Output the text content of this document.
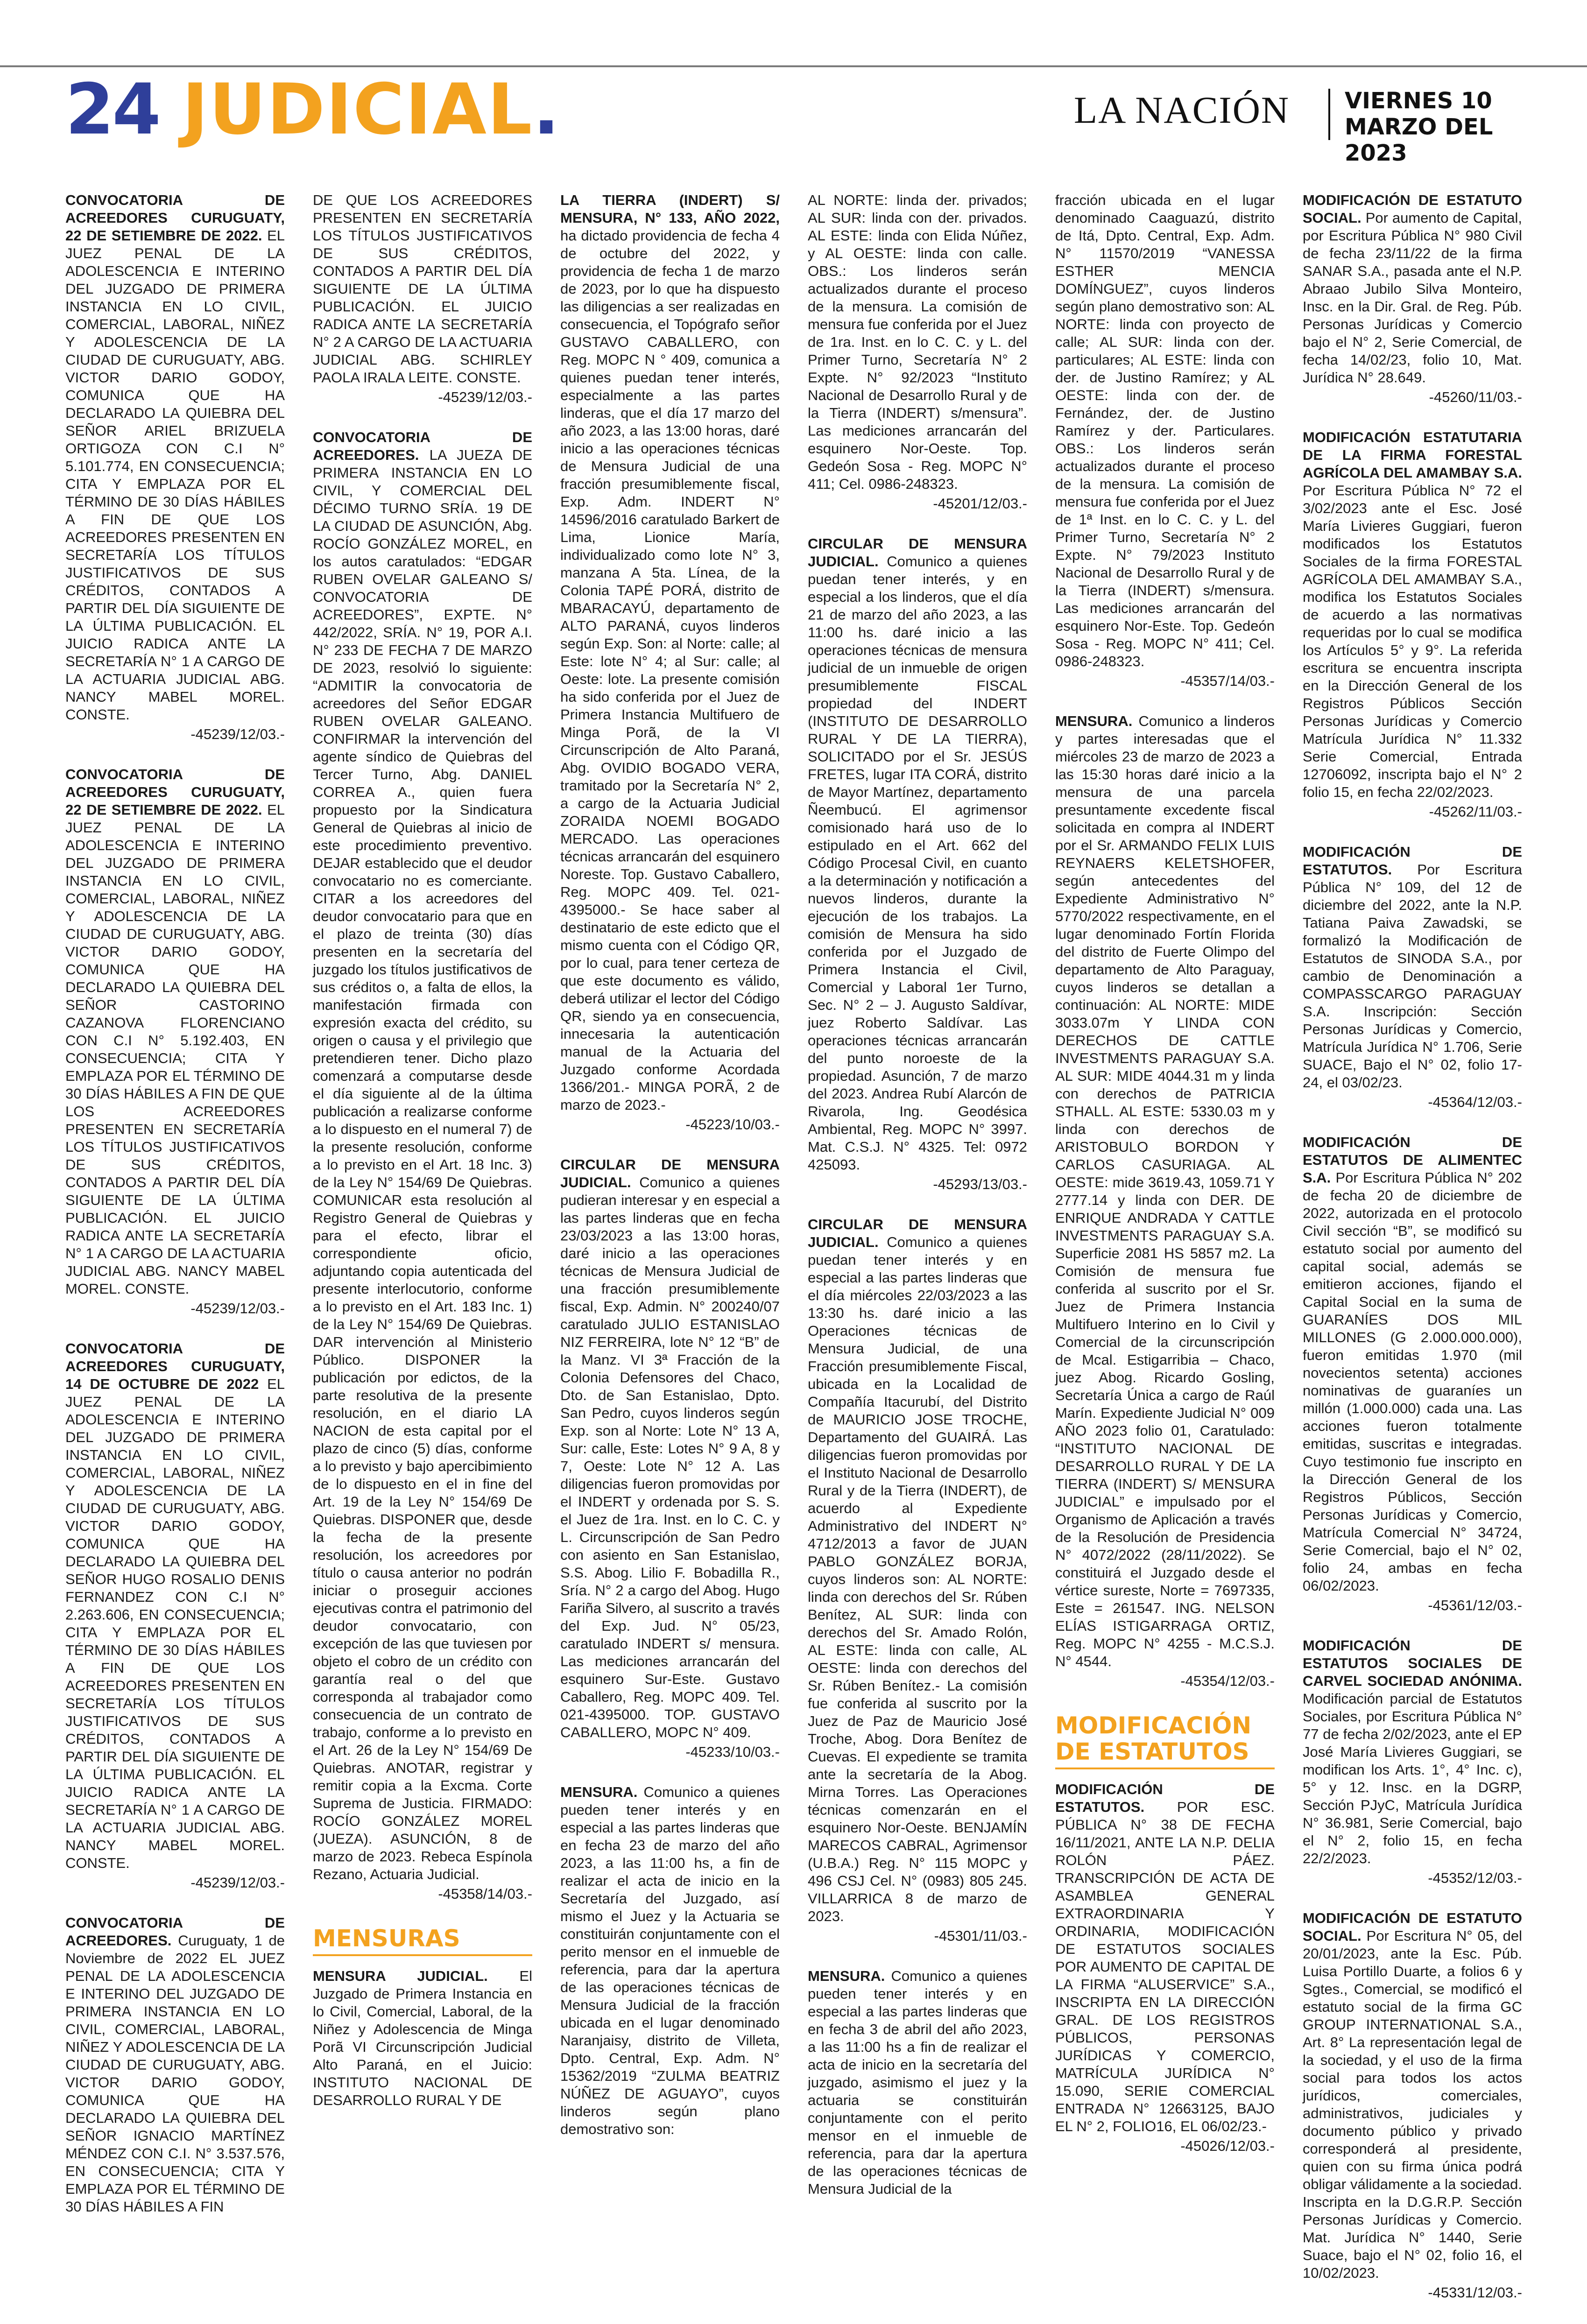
24 JUDICIAL.	LA NACIÓN VIERNES 10
MARZO DEL 2023

CONVOCATORIA DE ACREEDORES CURUGUATY, 22 DE SETIEMBRE DE 2022. EL JUEZ PENAL DE LA ADOLESCENCIA E INTERINO DEL JUZGADO DE PRIMERA INSTANCIA EN LO CIVIL, COMERCIAL, LABORAL, NIÑEZ Y ADOLESCENCIA DE LA CIUDAD DE CURUGUATY, ABG. VICTOR DARIO GODOY, COMUNICA QUE HA DECLARADO LA QUIEBRA DEL SEÑOR ARIEL BRIZUELA ORTIGOZA CON C.I N° 5.101.774, EN CONSECUENCIA; CITA Y EMPLAZA POR EL TÉRMINO DE 30 DÍAS HÁBILES A FIN DE QUE LOS ACREEDORES PRESENTEN EN SECRETARÍA LOS TÍTULOS JUSTIFICATIVOS DE SUS CRÉDITOS, CONTADOS A PARTIR DEL DÍA SIGUIENTE DE LA ÚLTIMA PUBLICACIÓN. EL JUICIO RADICA ANTE LA SECRETARÍA N° 1 A CARGO DE LA ACTUARIA JUDICIAL ABG. NANCY MABEL MOREL. CONSTE.

-45239/12/03.-

CONVOCATORIA DE ACREEDORES CURUGUATY, 22 DE SETIEMBRE DE 2022. EL JUEZ PENAL DE LA ADOLESCENCIA E INTERINO DEL JUZGADO DE PRIMERA INSTANCIA EN LO CIVIL, COMERCIAL, LABORAL, NIÑEZ Y ADOLESCENCIA DE LA CIUDAD DE CURUGUATY, ABG. VICTOR DARIO GODOY, COMUNICA QUE HA DECLARADO LA QUIEBRA DEL SEÑOR CASTORINO CAZANOVA FLORENCIANO CON C.I N° 5.192.403, EN CONSECUENCIA; CITA Y EMPLAZA POR EL TÉRMINO DE 30 DÍAS HÁBILES A FIN DE QUE LOS ACREEDORES PRESENTEN EN SECRETARÍA LOS TÍTULOS JUSTIFICATIVOS DE SUS CRÉDITOS, CONTADOS A PARTIR DEL DÍA SIGUIENTE DE LA ÚLTIMA PUBLICACIÓN. EL JUICIO RADICA ANTE LA SECRETARÍA N° 1 A CARGO DE LA ACTUARIA JUDICIAL ABG. NANCY MABEL MOREL. CONSTE.

-45239/12/03.-

CONVOCATORIA DE ACREEDORES CURUGUATY, 14 DE OCTUBRE DE 2022 EL JUEZ PENAL DE LA ADOLESCENCIA E INTERINO DEL JUZGADO DE PRIMERA INSTANCIA EN LO CIVIL, COMERCIAL, LABORAL, NIÑEZ Y ADOLESCENCIA DE LA CIUDAD DE CURUGUATY, ABG. VICTOR DARIO GODOY, COMUNICA QUE HA DECLARADO LA QUIEBRA DEL SEÑOR HUGO ROSALIO DENIS FERNANDEZ CON C.I N° 2.263.606, EN CONSECUENCIA; CITA Y EMPLAZA POR EL TÉRMINO DE 30 DÍAS HÁBILES A FIN DE QUE LOS ACREEDORES PRESENTEN EN SECRETARÍA LOS TÍTULOS JUSTIFICATIVOS DE SUS CRÉDITOS, CONTADOS A PARTIR DEL DÍA SIGUIENTE DE LA ÚLTIMA PUBLICACIÓN. EL JUICIO RADICA ANTE LA SECRETARÍA N° 1 A CARGO DE LA ACTUARIA JUDICIAL ABG. NANCY MABEL MOREL. CONSTE.

-45239/12/03.-

CONVOCATORIA DE ACREEDORES. Curuguaty, 1 de Noviembre de 2022 EL JUEZ PENAL DE LA ADOLESCENCIA E INTERINO DEL JUZGADO DE PRIMERA INSTANCIA EN LO CIVIL, COMERCIAL, LABORAL, NIÑEZ Y ADOLESCENCIA DE LA CIUDAD DE CURUGUATY, ABG. VICTOR DARIO GODOY, COMUNICA QUE HA DECLARADO LA QUIEBRA DEL SEÑOR IGNACIO MARTÍNEZ MÉNDEZ CON C.I. N° 3.537.576, EN CONSECUENCIA; CITA Y EMPLAZA POR EL TÉRMINO DE 30 DÍAS HÁBILES A FIN

DE QUE LOS ACREEDORES PRESENTEN EN SECRETARÍA LOS TÍTULOS JUSTIFICATIVOS DE SUS CRÉDITOS, CONTADOS A PARTIR DEL DÍA SIGUIENTE DE LA ÚLTIMA PUBLICACIÓN. EL JUICIO RADICA ANTE LA SECRETARÍA N° 2 A CARGO DE LA ACTUARIA JUDICIAL ABG. SCHIRLEY PAOLA IRALA LEITE. CONSTE.

-45239/12/03.-

CONVOCATORIA DE ACREEDORES. LA JUEZA DE PRIMERA INSTANCIA EN LO CIVIL, Y COMERCIAL DEL DÉCIMO TURNO SRÍA. 19 DE LA CIUDAD DE ASUNCIÓN, Abg. ROCÍO GONZÁLEZ MOREL, en los autos caratulados: “EDGAR RUBEN OVELAR GALEANO S/ CONVOCATORIA DE ACREEDORES”, EXPTE. N° 442/2022, SRÍA. N° 19, POR A.I. N° 233 DE FECHA 7 DE MARZO DE 2023, resolvió lo siguiente: “ADMITIR la convocatoria de acreedores del Señor EDGAR RUBEN OVELAR GALEANO. CONFIRMAR la intervención del agente síndico de Quiebras del Tercer Turno, Abg. DANIEL CORREA A., quien fuera propuesto por la Sindicatura General de Quiebras al inicio de este procedimiento preventivo. DEJAR establecido que el deudor convocatario no es comerciante. CITAR a los acreedores del deudor convocatario para que en el plazo de treinta (30) días presenten en la secretaría del juzgado los títulos justificativos de sus créditos o, a falta de ellos, la manifestación firmada con expresión exacta del crédito, su origen o causa y el privilegio que pretendieren tener. Dicho plazo comenzará a computarse desde el día siguiente al de la última publicación a realizarse conforme a lo dispuesto en el numeral 7) de la presente resolución, conforme a lo previsto en el Art. 18 Inc. 3) de la Ley N° 154/69 De Quiebras. COMUNICAR esta resolución al Registro General de Quiebras y para el efecto, librar el correspondiente oficio, adjuntando copia autenticada del presente interlocutorio, conforme a lo previsto en el Art. 183 Inc. 1) de la Ley N° 154/69 De Quiebras. DAR intervención al Ministerio Público. DISPONER la publicación por edictos, de la parte resolutiva de la presente resolución, en el diario LA NACION de esta capital por el plazo de cinco (5) días, conforme a lo previsto y bajo apercibimiento de lo dispuesto en el in fine del Art. 19 de la Ley N° 154/69 De Quiebras. DISPONER que, desde la fecha de la presente resolución, los acreedores por título o causa anterior no podrán iniciar o proseguir acciones ejecutivas contra el patrimonio del deudor convocatario, con excepción de las que tuviesen por objeto el cobro de un crédito con garantía real o del que corresponda al trabajador como consecuencia de un contrato de trabajo, conforme a lo previsto en el Art. 26 de la Ley N° 154/69 De Quiebras. ANOTAR, registrar y remitir copia a la Excma. Corte Suprema de Justicia. FIRMADO: ROCÍO GONZÁLEZ MOREL (JUEZA). ASUNCIÓN, 8 de marzo de 2023. Rebeca Espínola Rezano, Actuaria Judicial.

-45358/14/03.-
MENSURAS

MENSURA JUDICIAL. El Juzgado de Primera Instancia en lo Civil, Comercial, Laboral, de la Niñez y Adolescencia de Minga Porã VI Circunscripción Judicial Alto Paraná, en el Juicio: INSTITUTO NACIONAL DE DESARROLLO RURAL Y DE

LA TIERRA (INDERT) S/ MENSURA, N° 133, AÑO 2022, ha dictado providencia de fecha 4 de octubre del 2022, y providencia de fecha 1 de marzo de 2023, por lo que ha dispuesto las diligencias a ser realizadas en consecuencia, el Topógrafo señor GUSTAVO CABALLERO, con Reg. MOPC N ° 409, comunica a quienes puedan tener interés, especialmente a las partes linderas, que el día 17 marzo del año 2023, a las 13:00 horas, daré inicio a las operaciones técnicas de Mensura Judicial de una fracción presumiblemente fiscal, Exp. Adm. INDERT N° 14596/2016 caratulado Barkert de Lima, Lionice María, individualizado como lote N° 3, manzana A 5ta. Línea, de la Colonia TAPÉ PORÁ, distrito de MBARACAYÚ, departamento de ALTO PARANÁ, cuyos linderos según Exp. Son: al Norte: calle; al Este: lote N° 4; al Sur: calle; al Oeste: lote. La presente comisión ha sido conferida por el Juez de Primera Instancia Multifuero de Minga Porã, de la VI Circunscripción de Alto Paraná, Abg. OVIDIO BOGADO VERA, tramitado por la Secretaría N° 2, a cargo de la Actuaria Judicial ZORAIDA NOEMI BOGADO MERCADO. Las operaciones técnicas arrancarán del esquinero Noreste. Top. Gustavo Caballero, Reg. MOPC 409. Tel. 021-4395000.- Se hace saber al destinatario de este edicto que el mismo cuenta con el Código QR, por lo cual, para tener certeza de que este documento es válido, deberá utilizar el lector del Código QR, siendo ya en consecuencia, innecesaria la autenticación manual de la Actuaria del Juzgado conforme Acordada 1366/201.- MINGA PORÃ, 2 de marzo de 2023.-

-45223/10/03.-

CIRCULAR DE MENSURA JUDICIAL. Comunico a quienes pudieran interesar y en especial a las partes linderas que en fecha 23/03/2023 a las 13:00 horas, daré inicio a las operaciones técnicas de Mensura Judicial de una fracción presumiblemente fiscal, Exp. Admin. N° 200240/07 caratulado JULIO ESTANISLAO NIZ FERREIRA, lote N° 12 “B” de la Manz. VI 3ª Fracción de la Colonia Defensores del Chaco, Dto. de San Estanislao, Dpto. San Pedro, cuyos linderos según Exp. son al Norte: Lote N° 13 A, Sur: calle, Este: Lotes N° 9 A, 8 y 7, Oeste: Lote N° 12 A. Las diligencias fueron promovidas por el INDERT y ordenada por S. S. el Juez de 1ra. Inst. en lo C. C. y L. Circunscripción de San Pedro con asiento en San Estanislao, S.S. Abog. Lilio F. Bobadilla R., Sría. N° 2 a cargo del Abog. Hugo Fariña Silvero, al suscrito a través del Exp. Jud. N° 05/23, caratulado INDERT s/ mensura. Las mediciones arrancarán del esquinero Sur-Este. Gustavo Caballero, Reg. MOPC 409. Tel. 021-4395000. TOP. GUSTAVO CABALLERO, MOPC N° 409.

-45233/10/03.-

MENSURA. Comunico a quienes pueden tener interés y en especial a las partes linderas que en fecha 23 de marzo del año 2023, a las 11:00 hs, a fin de realizar el acta de inicio en la Secretaría del Juzgado, así mismo el Juez y la Actuaria se constituirán conjuntamente con el perito mensor en el inmueble de referencia, para dar la apertura de las operaciones técnicas de Mensura Judicial de la fracción ubicada en el lugar denominado Naranjaisy, distrito de Villeta, Dpto. Central, Exp. Adm. N° 15362/2019 “ZULMA BEATRIZ NÚÑEZ DE AGUAYO”, cuyos linderos según plano demostrativo son:

AL NORTE: linda der. privados; AL SUR: linda con der. privados. AL ESTE: linda con Elida Núñez, y AL OESTE: linda con calle. OBS.: Los linderos serán actualizados durante el proceso de la mensura. La comisión de mensura fue conferida por el Juez de 1ra. Inst. en lo C. C. y L. del Primer Turno, Secretaría N° 2 Expte. N° 92/2023 “Instituto Nacional de Desarrollo Rural y de la Tierra (INDERT) s/mensura”. Las mediciones arrancarán del esquinero Nor-Oeste. Top. Gedeón Sosa - Reg. MOPC N° 411; Cel. 0986-248323.

-45201/12/03.-

CIRCULAR DE MENSURA JUDICIAL. Comunico a quienes puedan tener interés, y en especial a los linderos, que el día 21 de marzo del año 2023, a las 11:00 hs. daré inicio a las operaciones técnicas de mensura judicial de un inmueble de origen presumiblemente FISCAL propiedad del INDERT (INSTITUTO DE DESARROLLO RURAL Y DE LA TIERRA), SOLICITADO por el Sr. JESÚS FRETES, lugar ITA CORÁ, distrito de Mayor Martínez, departamento Ñeembucú. El agrimensor comisionado hará uso de lo estipulado en el Art. 662 del Código Procesal Civil, en cuanto a la determinación y notificación a nuevos linderos, durante la ejecución de los trabajos. La comisión de Mensura ha sido conferida por el Juzgado de Primera Instancia el Civil, Comercial y Laboral 1er Turno, Sec. N° 2 – J. Augusto Saldívar, juez Roberto Saldívar. Las operaciones técnicas arrancarán del punto noroeste de la propiedad. Asunción, 7 de marzo del 2023. Andrea Rubí Alarcón de Rivarola, Ing. Geodésica Ambiental, Reg. MOPC N° 3997. Mat. C.S.J. N° 4325. Tel: 0972 425093.

-45293/13/03.-

CIRCULAR DE MENSURA JUDICIAL. Comunico a quienes puedan tener interés y en especial a las partes linderas que el día miércoles 22/03/2023 a las 13:30 hs. daré inicio a las Operaciones técnicas de Mensura Judicial, de una Fracción presumiblemente Fiscal, ubicada en la Localidad de Compañía Itacurubí, del Distrito de MAURICIO JOSE TROCHE, Departamento del GUAIRÁ. Las diligencias fueron promovidas por el Instituto Nacional de Desarrollo Rural y de la Tierra (INDERT), de acuerdo al Expediente Administrativo del INDERT N° 4712/2013 a favor de JUAN PABLO GONZÁLEZ BORJA, cuyos linderos son: AL NORTE: linda con derechos del Sr. Rúben Benítez, AL SUR: linda con derechos del Sr. Amado Rolón, AL ESTE: linda con calle, AL OESTE: linda con derechos del Sr. Rúben Benítez.- La comisión fue conferida al suscrito por la Juez de Paz de Mauricio José Troche, Abog. Dora Benítez de Cuevas. El expediente se tramita ante la secretaría de la Abog. Mirna Torres. Las Operaciones técnicas comenzarán en el esquinero Nor-Oeste. BENJAMÍN MARECOS CABRAL, Agrimensor (U.B.A.) Reg. N° 115 MOPC y 496 CSJ Cel. N° (0983) 805 245. VILLARRICA 8 de marzo de 2023.

-45301/11/03.-

MENSURA. Comunico a quienes pueden tener interés y en especial a las partes linderas que en fecha 3 de abril del año 2023, a las 11:00 hs a fin de realizar el acta de inicio en la secretaría del juzgado, asimismo el juez y la actuaria se constituirán conjuntamente con el perito mensor en el inmueble de referencia, para dar la apertura de las operaciones técnicas de Mensura Judicial de la

fracción ubicada en el lugar denominado Caaguazú, distrito de Itá, Dpto. Central, Exp. Adm. N° 11570/2019 “VANESSA ESTHER MENCIA DOMÍNGUEZ”, cuyos linderos según plano demostrativo son: AL NORTE: linda con proyecto de calle; AL SUR: linda con der. particulares; AL ESTE: linda con der. de Justino Ramírez; y AL OESTE: linda con der. de Fernández, der. de Justino Ramírez y der. Particulares. OBS.: Los linderos serán actualizados durante el proceso de la mensura. La comisión de mensura fue conferida por el Juez de 1ª Inst. en lo C. C. y L. del Primer Turno, Secretaría N° 2 Expte. N° 79/2023 Instituto Nacional de Desarrollo Rural y de la Tierra (INDERT) s/mensura. Las mediciones arrancarán del esquinero Nor-Este. Top. Gedeón Sosa - Reg. MOPC N° 411; Cel. 0986-248323.

-45357/14/03.-

MENSURA. Comunico a linderos y partes interesadas que el miércoles 23 de marzo de 2023 a las 15:30 horas daré inicio a la mensura de una parcela presuntamente excedente fiscal solicitada en compra al INDERT por el Sr. ARMANDO FELIX LUIS REYNAERS KELETSHOFER, según antecedentes del Expediente Administrativo N° 5770/2022 respectivamente, en el lugar denominado Fortín Florida del distrito de Fuerte Olimpo del departamento de Alto Paraguay, cuyos linderos se detallan a continuación: AL NORTE: MIDE 3033.07m Y LINDA CON DERECHOS DE CATTLE INVESTMENTS PARAGUAY S.A. AL SUR: MIDE 4044.31 m y linda con derechos de PATRICIA STHALL. AL ESTE: 5330.03 m y linda con derechos de ARISTOBULO BORDON Y CARLOS CASURIAGA. AL OESTE: mide 3619.43, 1059.71 Y 2777.14 y linda con DER. DE ENRIQUE ANDRADA Y CATTLE INVESTMENTS PARAGUAY S.A. Superficie 2081 HS 5857 m2. La Comisión de mensura fue conferida al suscrito por el Sr. Juez de Primera Instancia Multifuero Interino en lo Civil y Comercial de la circunscripción de Mcal. Estigarribia – Chaco, juez Abog. Ricardo Gosling, Secretaría Única a cargo de Raúl Marín. Expediente Judicial N° 009 AÑO 2023 folio 01, Caratulado: “INSTITUTO NACIONAL DE DESARROLLO RURAL Y DE LA TIERRA (INDERT) S/ MENSURA JUDICIAL” e impulsado por el Organismo de Aplicación a través de la Resolución de Presidencia N° 4072/2022 (28/11/2022). Se constituirá el Juzgado desde el vértice sureste, Norte = 7697335, Este = 261547. ING. NELSON ELÍAS ISTIGARRAGA ORTIZ, Reg. MOPC N° 4255 - M.C.S.J. N° 4544.

-45354/12/03.-
MODIFICACIÓN DE ESTATUTOS

MODIFICACIÓN DE ESTATUTOS. POR ESC. PÚBLICA N° 38 DE FECHA 16/11/2021, ANTE LA N.P. DELIA ROLÓN PÁEZ. TRANSCRIPCIÓN DE ACTA DE ASAMBLEA GENERAL EXTRAORDINARIA Y ORDINARIA, MODIFICACIÓN DE ESTATUTOS SOCIALES POR AUMENTO DE CAPITAL DE LA FIRMA “ALUSERVICE” S.A., INSCRIPTA EN LA DIRECCIÓN GRAL. DE LOS REGISTROS PÚBLICOS, PERSONAS JURÍDICAS Y COMERCIO, MATRÍCULA JURÍDICA N° 15.090, SERIE COMERCIAL ENTRADA N° 12663125, BAJO EL N° 2, FOLIO16, EL 06/02/23.-

-45026/12/03.-

MODIFICACIÓN DE ESTATUTO SOCIAL. Por aumento de Capital, por Escritura Pública N° 980 Civil de fecha 23/11/22 de la firma SANAR S.A., pasada ante el N.P. Abraao Jubilo Silva Monteiro, Insc. en la Dir. Gral. de Reg. Púb. Personas Jurídicas y Comercio bajo el N° 2, Serie Comercial, de fecha 14/02/23, folio 10, Mat. Jurídica N° 28.649.

-45260/11/03.-

MODIFICACIÓN ESTATUTARIA DE LA FIRMA FORESTAL AGRÍCOLA DEL AMAMBAY S.A. Por Escritura Pública N° 72 el 3/02/2023 ante el Esc. José María Livieres Guggiari, fueron modificados los Estatutos Sociales de la firma FORESTAL AGRÍCOLA DEL AMAMBAY S.A., modifica los Estatutos Sociales de acuerdo a las normativas requeridas por lo cual se modifica los Artículos 5° y 9°. La referida escritura se encuentra inscripta en la Dirección General de los Registros Públicos Sección Personas Jurídicas y Comercio Matrícula Jurídica N° 11.332 Serie Comercial, Entrada 12706092, inscripta bajo el N° 2 folio 15, en fecha 22/02/2023.

-45262/11/03.-

MODIFICACIÓN DE ESTATUTOS. Por Escritura Pública N° 109, del 12 de diciembre del 2022, ante la N.P. Tatiana Paiva Zawadski, se formalizó la Modificación de Estatutos de SINODA S.A., por cambio de Denominación a COMPASSCARGO PARAGUAY S.A. Inscripción: Sección Personas Jurídicas y Comercio, Matrícula Jurídica N° 1.706, Serie SUACE, Bajo el N° 02, folio 17-24, el 03/02/23.

-45364/12/03.-

MODIFICACIÓN DE ESTATUTOS DE ALIMENTEC S.A. Por Escritura Pública N° 202 de fecha 20 de diciembre de 2022, autorizada en el protocolo Civil sección “B”, se modificó su estatuto social por aumento del capital social, además se emitieron acciones, fijando el Capital Social en la suma de GUARANÍES DOS MIL MILLONES (G 2.000.000.000), fueron emitidas 1.970 (mil novecientos setenta) acciones nominativas de guaraníes un millón (1.000.000) cada una. Las acciones fueron totalmente emitidas, suscritas e integradas. Cuyo testimonio fue inscripto en la Dirección General de los Registros Públicos, Sección Personas Jurídicas y Comercio, Matrícula Comercial N° 34724, Serie Comercial, bajo el N° 02, folio 24, ambas en fecha 06/02/2023.

-45361/12/03.-

MODIFICACIÓN DE ESTATUTOS SOCIALES DE CARVEL SOCIEDAD ANÓNIMA. Modificación parcial de Estatutos Sociales, por Escritura Pública N° 77 de fecha 2/02/2023, ante el EP José María Livieres Guggiari, se modifican los Arts. 1°, 4° Inc. c), 5° y 12. Insc. en la DGRP, Sección PJyC, Matrícula Jurídica N° 36.981, Serie Comercial, bajo el N° 2, folio 15, en fecha 22/2/2023.

-45352/12/03.-

MODIFICACIÓN DE ESTATUTO SOCIAL. Por Escritura N° 05, del 20/01/2023, ante la Esc. Púb. Luisa Portillo Duarte, a folios 6 y Sgtes., Comercial, se modificó el estatuto social de la firma GC GROUP INTERNATIONAL S.A., Art. 8° La representación legal de la sociedad, y el uso de la firma social para todos los actos jurídicos, comerciales, administrativos, judiciales y documento público y privado corresponderá al presidente, quien con su firma única podrá obligar válidamente a la sociedad. Inscripta en la D.G.R.P. Sección Personas Jurídicas y Comercio. Mat. Jurídica N° 1440, Serie Suace, bajo el N° 02, folio 16, el 10/02/2023.

-45331/12/03.-
